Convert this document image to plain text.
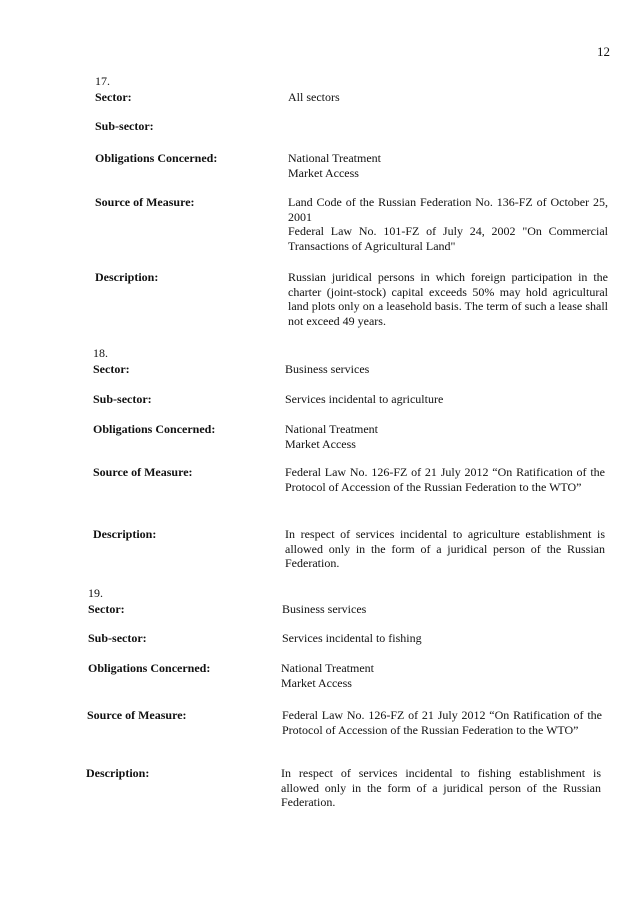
12
17.
Sector:	All sectors
Sub-sector:
Obligations Concerned:	National Treatment
Market Access
Source of Measure:	Land Code of the Russian Federation No. 136-FZ of October 25, 2001
Federal Law No. 101-FZ of July 24, 2002 "On Commercial Transactions of Agricultural Land"
Description:	Russian juridical persons in which foreign participation in the charter (joint-stock) capital exceeds 50% may hold agricultural land plots only on a leasehold basis. The term of such a lease shall not exceed 49 years.
18.
Sector:	Business services
Sub-sector:	Services incidental to agriculture
Obligations Concerned:	National Treatment
Market Access
Source of Measure:	Federal Law No. 126-FZ of 21 July 2012 “On Ratification of the Protocol of Accession of the Russian Federation to the WTO”
Description:	In respect of services incidental to agriculture establishment is allowed only in the form of a juridical person of the Russian Federation.
19.
Sector:	Business services
Sub-sector:	Services incidental to fishing
Obligations Concerned:	National Treatment
Market Access
Source of Measure:	Federal Law No. 126-FZ of 21 July 2012 “On Ratification of the Protocol of Accession of the Russian Federation to the WTO”
Description:	In respect of services incidental to fishing establishment is allowed only in the form of a juridical person of the Russian Federation.
